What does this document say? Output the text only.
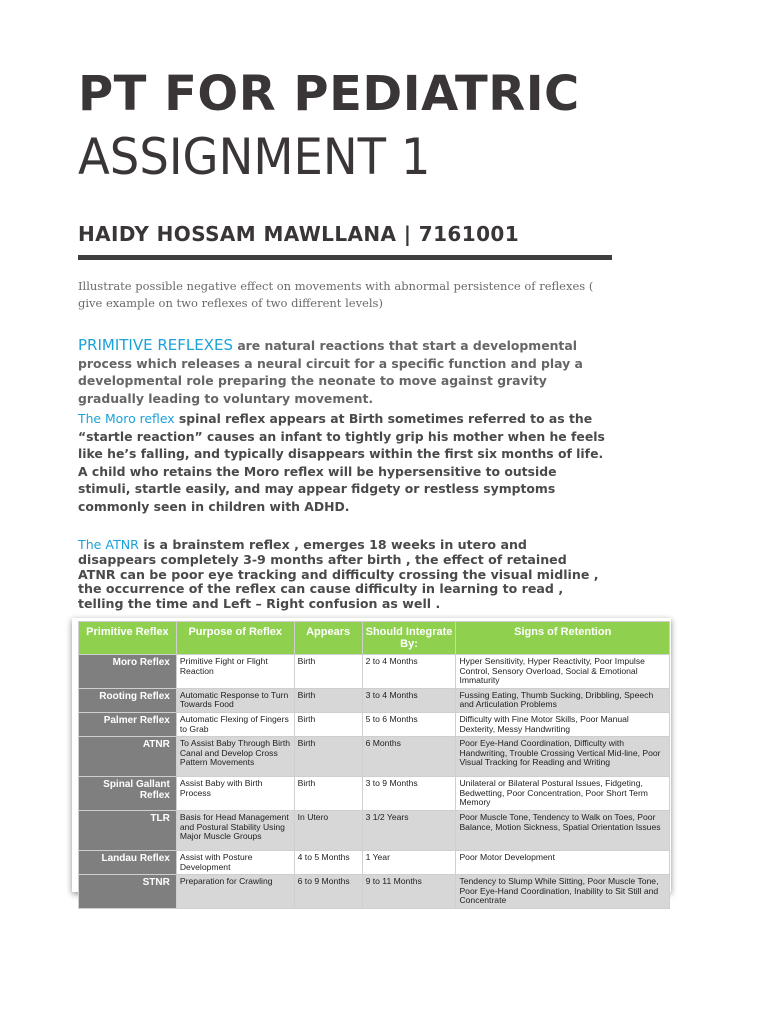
PT FOR PEDIATRIC
ASSIGNMENT 1
HAIDY HOSSAM MAWLLANA | 7161001
Illustrate possible negative effect on movements with abnormal persistence of reflexes ( give example on two reflexes of two different levels)
PRIMITIVE REFLEXES are natural reactions that start a developmental process which releases a neural circuit for a specific function and play a developmental role preparing the neonate to move against gravity gradually leading to voluntary movement.
The Moro reflex spinal reflex appears at Birth sometimes referred to as the “startle reaction” causes an infant to tightly grip his mother when he feels like he’s falling, and typically disappears within the first six months of life. A child who retains the Moro reflex will be hypersensitive to outside stimuli, startle easily, and may appear fidgety or restless symptoms commonly seen in children with ADHD.
The ATNR is a brainstem reflex , emerges 18 weeks in utero and disappears completely 3-9 months after birth , the effect of retained ATNR can be poor eye tracking and difficulty crossing the visual midline , the occurrence of the reflex can cause difficulty in learning to read , telling the time and Left – Right confusion as well .
Primitive Reflex	Purpose of Reflex	Appears	Should Integrate By:	Signs of Retention
Moro Reflex	Primitive Fight or Flight Reaction	Birth	2 to 4 Months	Hyper Sensitivity, Hyper Reactivity, Poor Impulse Control, Sensory Overload, Social & Emotional Immaturity
Rooting Reflex	Automatic Response to Turn Towards Food	Birth	3 to 4 Months	Fussing Eating, Thumb Sucking, Dribbling, Speech and Articulation Problems
Palmer Reflex	Automatic Flexing of Fingers to Grab	Birth	5 to 6 Months	Difficulty with Fine Motor Skills, Poor Manual Dexterity, Messy Handwriting
ATNR	To Assist Baby Through Birth Canal and Develop Cross Pattern Movements	Birth	6 Months	Poor Eye-Hand Coordination, Difficulty with Handwriting, Trouble Crossing Vertical Mid-line, Poor Visual Tracking for Reading and Writing
Spinal Gallant Reflex	Assist Baby with Birth Process	Birth	3 to 9 Months	Unilateral or Bilateral Postural Issues, Fidgeting, Bedwetting, Poor Concentration, Poor Short Term Memory
TLR	Basis for Head Management and Postural Stability Using Major Muscle Groups	In Utero	3 1/2 Years	Poor Muscle Tone, Tendency to Walk on Toes, Poor Balance, Motion Sickness, Spatial Orientation Issues
Landau Reflex	Assist with Posture Development	4 to 5 Months	1 Year	Poor Motor Development
STNR	Preparation for Crawling	6 to 9 Months	9 to 11 Months	Tendency to Slump While Sitting, Poor Muscle Tone, Poor Eye-Hand Coordination, Inability to Sit Still and Concentrate
